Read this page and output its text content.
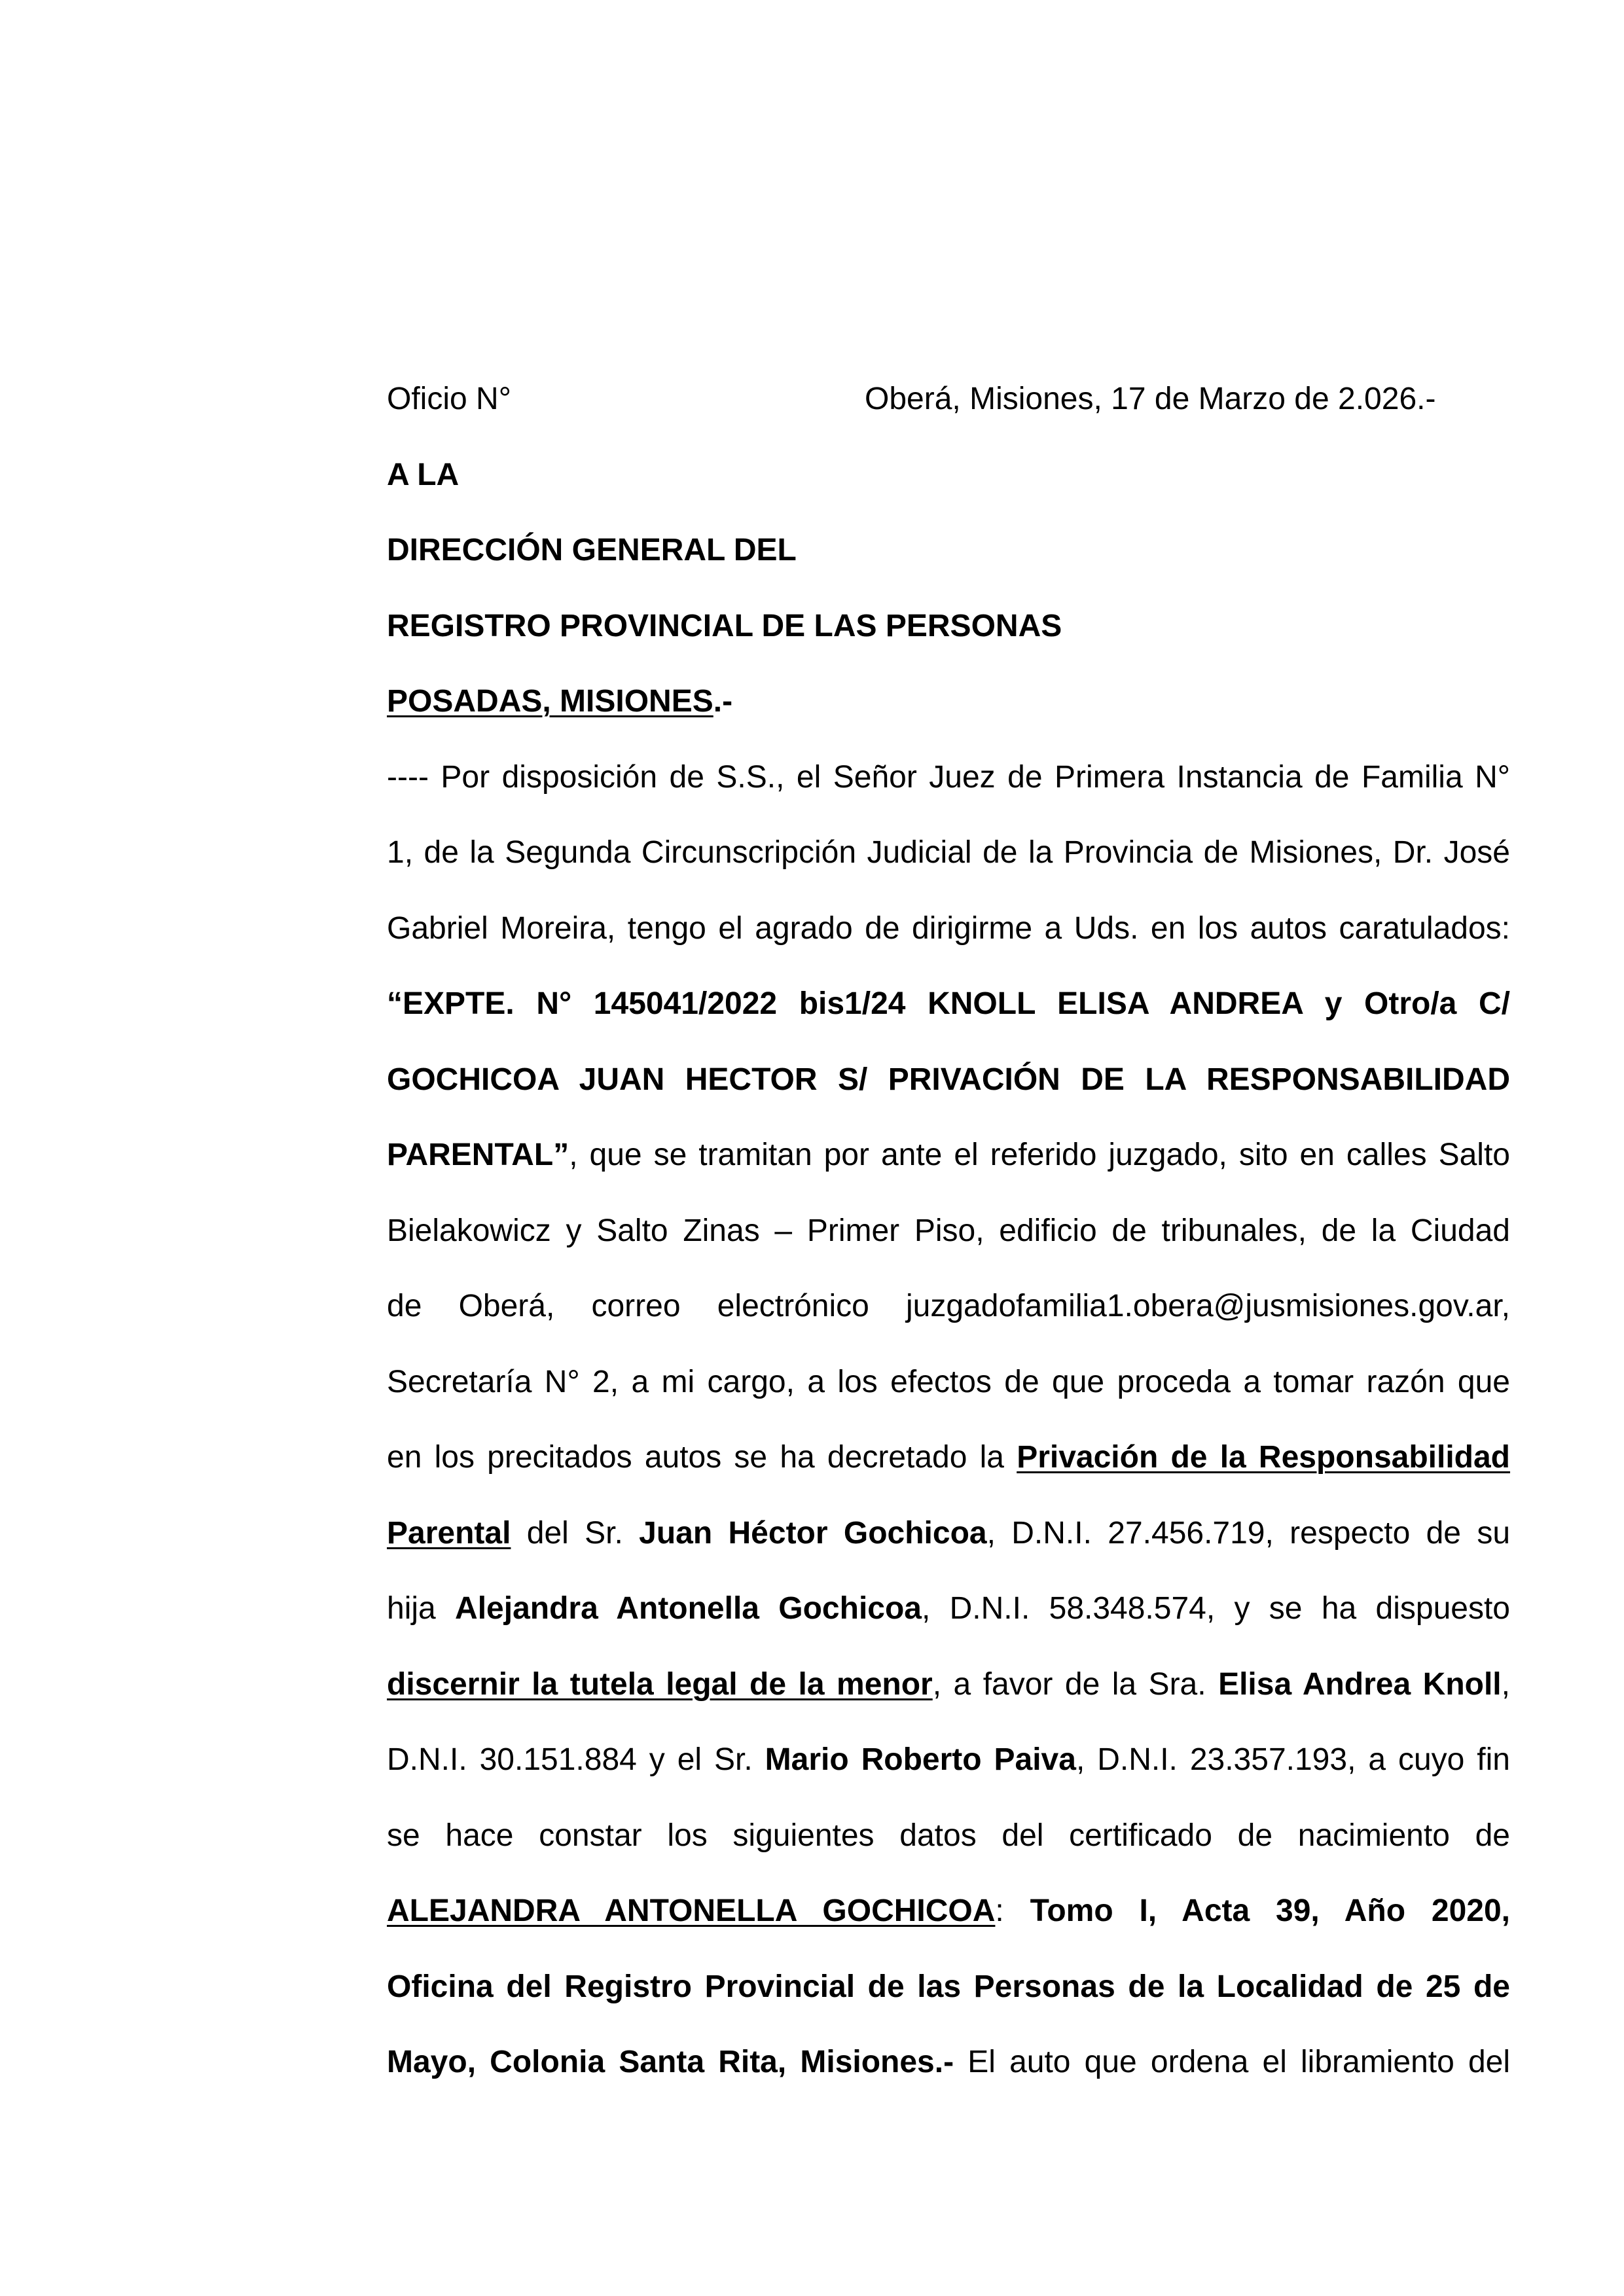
Oficio N°	Oberá, Misiones, 17 de Marzo de 2.026.-
A LA
DIRECCIÓN GENERAL DEL
REGISTRO PROVINCIAL DE LAS PERSONAS
POSADAS, MISIONES.-
---- Por disposición de S.S., el Señor Juez de Primera Instancia de Familia N°
1, de la Segunda Circunscripción Judicial de la Provincia de Misiones, Dr. José
Gabriel Moreira, tengo el agrado de dirigirme a Uds. en los autos caratulados:
“EXPTE. N° 145041/2022 bis1/24 KNOLL ELISA ANDREA y Otro/a C/
GOCHICOA JUAN HECTOR S/ PRIVACIÓN DE LA RESPONSABILIDAD
PARENTAL”, que se tramitan por ante el referido juzgado, sito en calles Salto
Bielakowicz y Salto Zinas – Primer Piso, edificio de tribunales, de la Ciudad
de Oberá, correo electrónico juzgadofamilia1.obera@jusmisiones.gov.ar,
Secretaría N° 2, a mi cargo, a los efectos de que proceda a tomar razón que
en los precitados autos se ha decretado la Privación de la Responsabilidad
Parental del Sr. Juan Héctor Gochicoa, D.N.I. 27.456.719, respecto de su
hija Alejandra Antonella Gochicoa, D.N.I. 58.348.574, y se ha dispuesto
discernir la tutela legal de la menor, a favor de la Sra. Elisa Andrea Knoll,
D.N.I. 30.151.884 y el Sr. Mario Roberto Paiva, D.N.I. 23.357.193, a cuyo fin
se hace constar los siguientes datos del certificado de nacimiento de
ALEJANDRA ANTONELLA GOCHICOA: Tomo I, Acta 39, Año 2020,
Oficina del Registro Provincial de las Personas de la Localidad de 25 de
Mayo, Colonia Santa Rita, Misiones.- El auto que ordena el libramiento del
